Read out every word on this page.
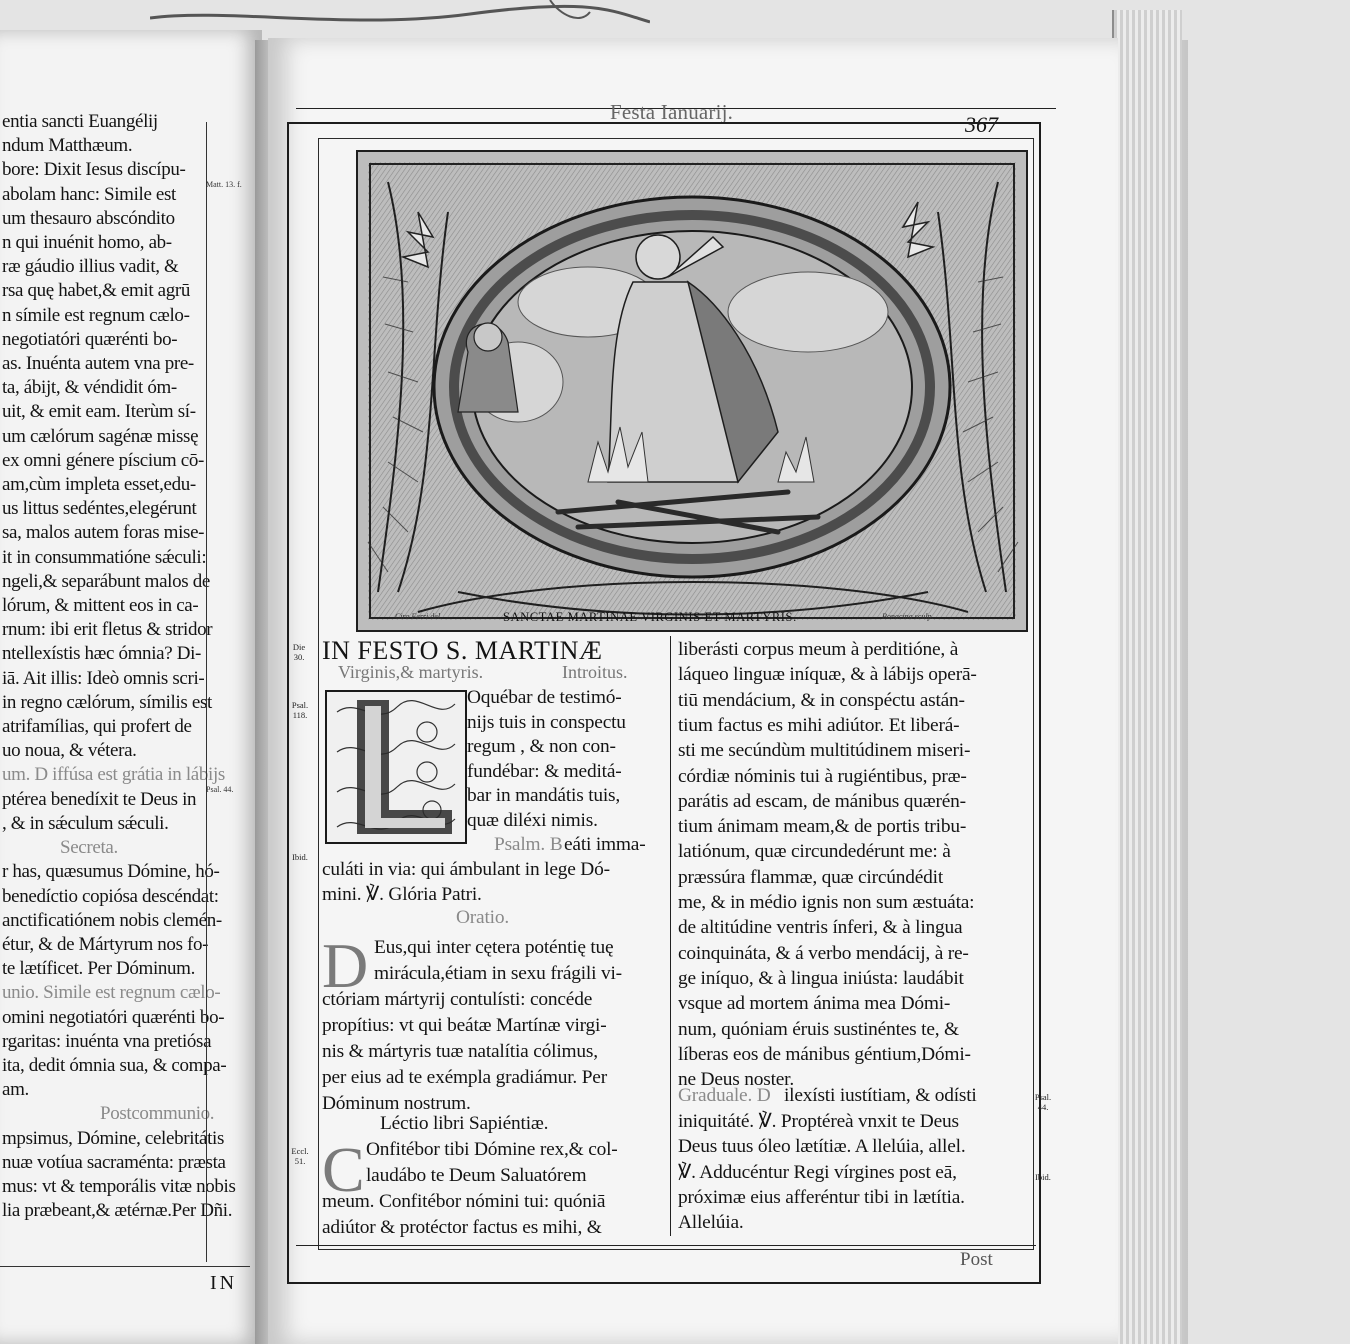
entia sancti Euangélij
ndum Matthæum.
bore: Dixit Iesus discípu-
abolam hanc: Simile est
um thesauro abscóndito
n qui inuénit homo, ab-
ræ gáudio illius vadit, &
rsa quę habet,& emit agrū
n símile est regnum cælo-
negotiatóri quærénti bo-
as. Inuénta autem vna pre-
ta, ábijt, & véndidit óm-
uit, & emit eam. Iterùm sí-
um cælórum sagénæ missę
ex omni génere píscium cō-
am,cùm impleta esset,edu-
us littus sedéntes,elegérunt
sa, malos autem foras mise-
it in consummatióne sǽculi:
ngeli,& separábunt malos de
lórum, & mittent eos in ca-
rnum: ibi erit fletus & stridor
ntellexístis hæc ómnia? Di-
iā. Ait illis: Ideò omnis scri-
in regno cælórum, símilis est
atrifamílias, qui profert de
uo noua, & vétera.
um. D iffúsa est grátia in lábijs
ptérea benedíxit te Deus in
, & in sǽculum sǽculi.
Secreta.
r has, quæsumus Dómine, hó-
benedíctio copiósa descéndat:
anctificatiónem nobis clemén-
étur, & de Mártyrum nos fo-
te lætíficet. Per Dóminum.
unio. Simile est regnum cælo-
omini negotiatóri quærénti bo-
rgaritas: inuénta vna pretiósa
ita, dedit ómnia sua, & compa-
am.
Postcommunio.
mpsimus, Dómine, celebritátis
nuæ votíua sacraménta: præsta
mus: vt & temporális vitæ nobis
lia præbeant,& ætérnæ.Per Dñi.
Matt. 13. f.
Psal. 44.
IN
Festa Ianuarij.	367
Ciro Ferri del.	SANCTAE MARTINAE VIRGINIS ET MARTYRIS.	Bonacina sculp.
Die 30.
Psal. 118.
Ibid.
Eccl. 51.
Psal. 44.
Ibid.
IN FESTO S. MARTINÆ
Virginis,& martyris.	Introitus.
Oquébar de testimó-
nijs tuis in conspectu
regum , & non con-
fundébar: & meditá-
bar in mandátis tuis,
quæ diléxi nimis.
Psalm. B eáti imma-
culáti in via: qui ámbulant in lege Dó-
mini. ℣. Glória Patri.
Oratio.
D Eus,qui inter cętera poténtię tuę
mirácula,étiam in sexu frágili vi-
ctóriam mártyrij contulísti: concéde
propítius: vt qui beátæ Martínæ virgi-
nis & mártyris tuæ natalítia cólimus,
per eius ad te exémpla gradiámur. Per
Dóminum nostrum.
Léctio libri Sapiéntiæ.
C Onfitébor tibi Dómine rex,& col-
laudábo te Deum Saluatórem
meum. Confitébor nómini tui: quóniā
adiútor & protéctor factus es mihi, &
liberásti corpus meum à perditióne, à
láqueo linguæ iníquæ, & à lábijs operā-
tiū mendácium, & in conspéctu astán-
tium factus es mihi adiútor. Et liberá-
sti me secúndùm multitúdinem miseri-
córdiæ nóminis tui à rugiéntibus, præ-
parátis ad escam, de mánibus quærén-
tium ánimam meam,& de portis tribu-
latiónum, quæ circundedérunt me: à
præssúra flammæ, quæ circúndédit
me, & in médio ignis non sum æstuáta:
de altitúdine ventris ínferi, & à lingua
coinquináta, & á verbo mendácij, à re-
ge iníquo, & à lingua iniústa: laudábit
vsque ad mortem ánima mea Dómi-
num, quóniam éruis sustinéntes te, &
líberas eos de mánibus géntium,Dómi-
ne Deus noster.
Graduale. D ilexísti iustítiam, & odísti
iniquitáté. ℣. Proptéreà vnxit te Deus
Deus tuus óleo lætítiæ. A llelúia, allel.
℣. Adducéntur Regi vírgines post eā,
próximæ eius afferéntur tibi in lætítia.
Allelúia.
Post
